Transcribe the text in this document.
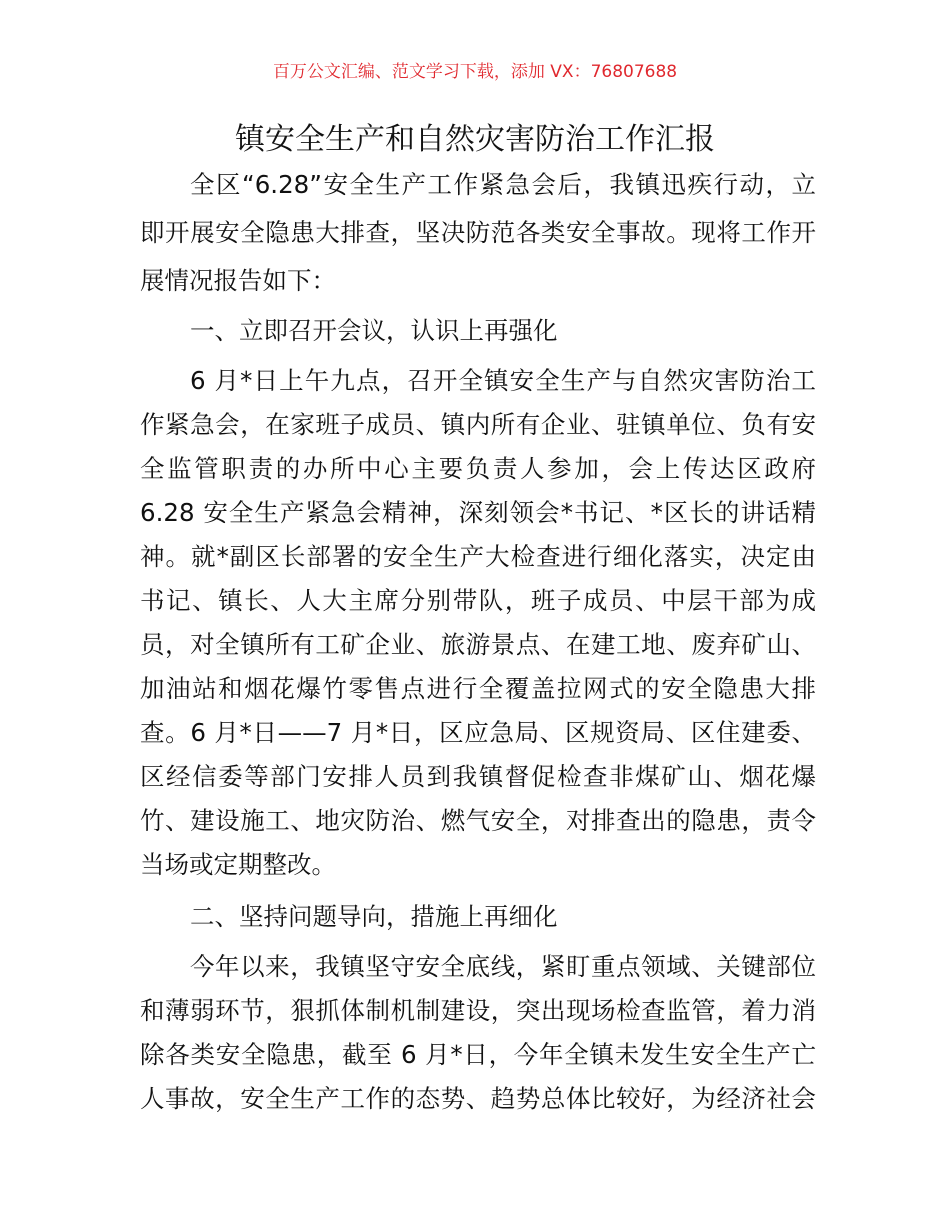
百万公文汇编、范文学习下载，添加 VX：76807688
镇安全生产和自然灾害防治工作汇报
全区“6.28”安全生产工作紧急会后，我镇迅疾行动，立
即开展安全隐患大排查，坚决防范各类安全事故。现将工作开
展情况报告如下：
一、立即召开会议，认识上再强化
6 月*日上午九点，召开全镇安全生产与自然灾害防治工
作紧急会，在家班子成员、镇内所有企业、驻镇单位、负有安
全监管职责的办所中心主要负责人参加，会上传达区政府
6.28 安全生产紧急会精神，深刻领会*书记、*区长的讲话精
神。就*副区长部署的安全生产大检查进行细化落实，决定由
书记、镇长、人大主席分别带队，班子成员、中层干部为成
员，对全镇所有工矿企业、旅游景点、在建工地、废弃矿山、
加油站和烟花爆竹零售点进行全覆盖拉网式的安全隐患大排
查。6 月*日——7 月*日，区应急局、区规资局、区住建委、
区经信委等部门安排人员到我镇督促检查非煤矿山、烟花爆
竹、建设施工、地灾防治、燃气安全，对排查出的隐患，责令
当场或定期整改。
二、坚持问题导向，措施上再细化
今年以来，我镇坚守安全底线，紧盯重点领域、关键部位
和薄弱环节，狠抓体制机制建设，突出现场检查监管，着力消
除各类安全隐患，截至 6 月*日，今年全镇未发生安全生产亡
人事故，安全生产工作的态势、趋势总体比较好，为经济社会
